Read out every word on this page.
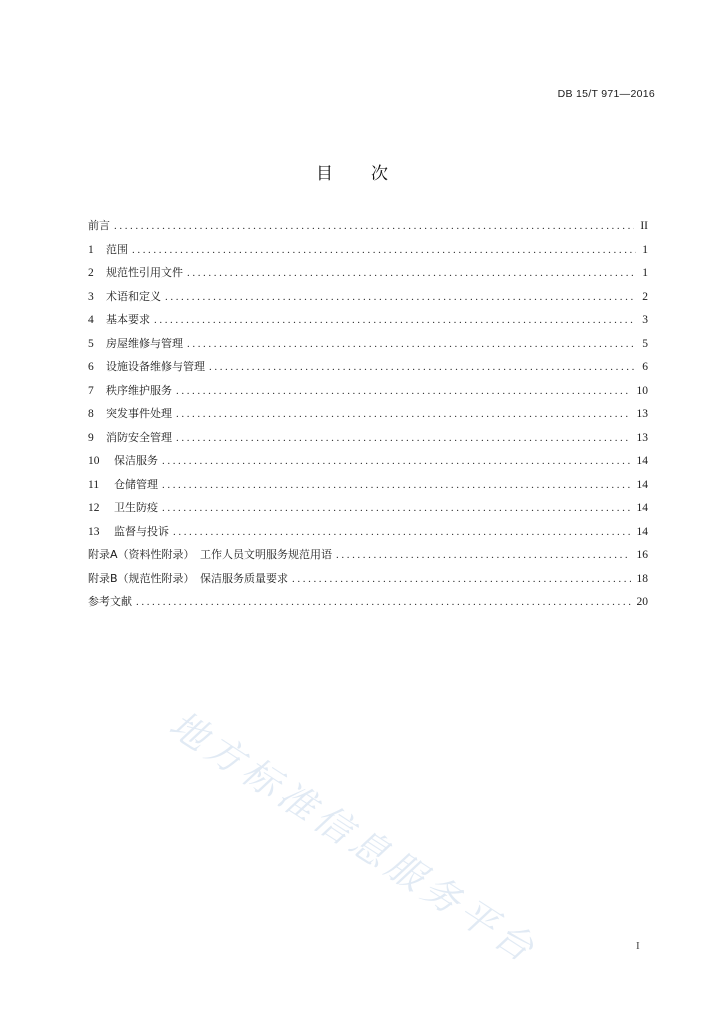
DB 15/T 971—2016
目次
前言 .....	II
1	范围 .....	1
2	规范性引用文件 .....	1
3	术语和定义 .....	2
4	基本要求 .....	3
5	房屋维修与管理 .....	5
6	设施设备维修与管理 .....	6
7	秩序维护服务 .....	10
8	突发事件处理 .....	13
9	消防安全管理 .....	13
10	保洁服务 .....	14
11	仓储管理 .....	14
12	卫生防疫 .....	14
13	监督与投诉 .....	14
附录A（资料性附录）　工作人员文明服务规范用语 .....	16
附录B（规范性附录）　保洁服务质量要求 .....	18
参考文献 .....	20
地方标准信息服务平台	I
